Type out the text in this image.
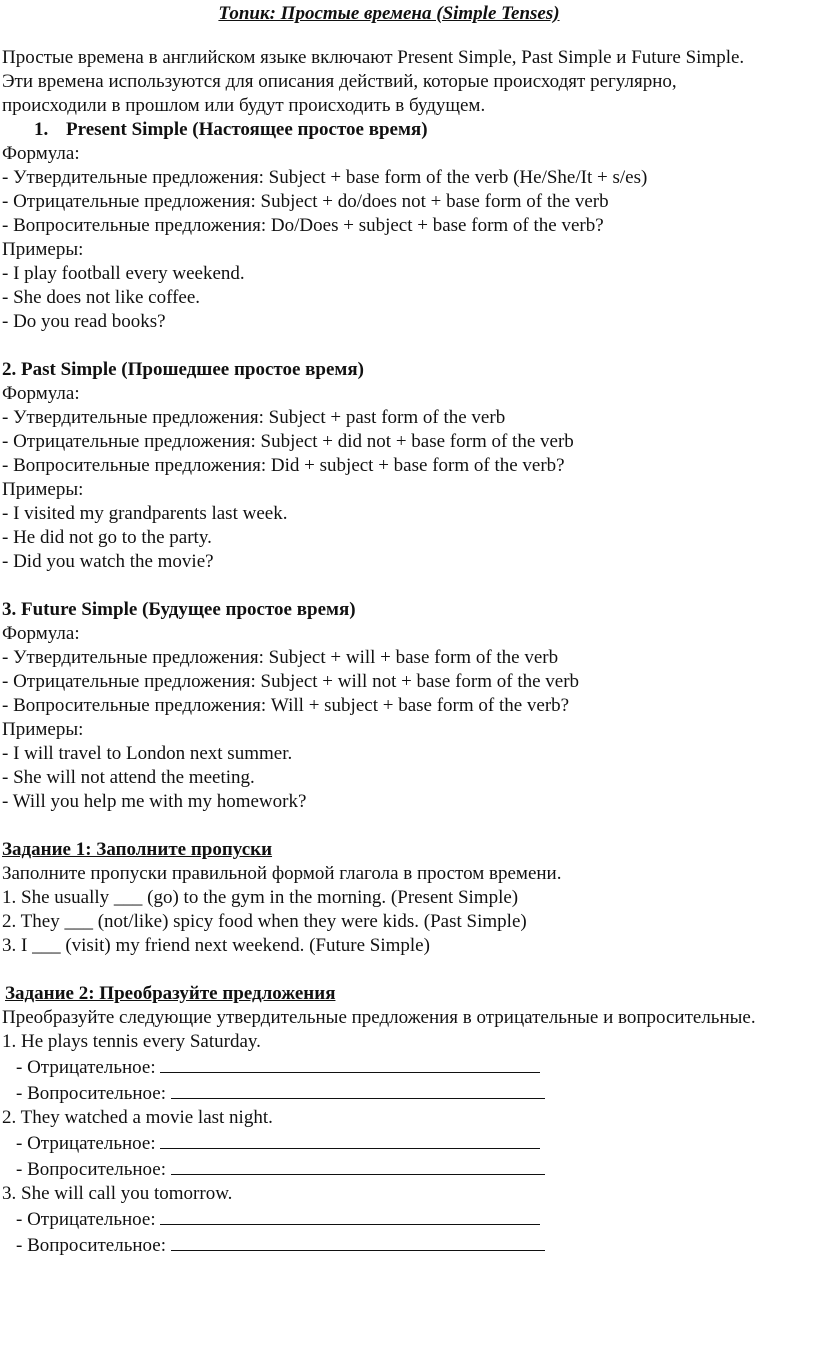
Топик: Простые времена (Simple Tenses)

Простые времена в английском языке включают Present Simple, Past Simple и Future Simple. Эти времена используются для описания действий, которые происходят регулярно, происходили в прошлом или будут происходить в будущем.

1. Present Simple (Настоящее простое время)

Формула:

- Утвердительные предложения: Subject + base form of the verb (He/She/It + s/es)

- Отрицательные предложения: Subject + do/does not + base form of the verb

- Вопросительные предложения: Do/Does + subject + base form of the verb?

Примеры:

- I play football every weekend.

- She does not like coffee.

- Do you read books?

2. Past Simple (Прошедшее простое время)

Формула:

- Утвердительные предложения: Subject + past form of the verb

- Отрицательные предложения: Subject + did not + base form of the verb

- Вопросительные предложения: Did + subject + base form of the verb?

Примеры:

- I visited my grandparents last week.

- He did not go to the party.

- Did you watch the movie?

3. Future Simple (Будущее простое время)

Формула:

- Утвердительные предложения: Subject + will + base form of the verb

- Отрицательные предложения: Subject + will not + base form of the verb

- Вопросительные предложения: Will + subject + base form of the verb?

Примеры:

- I will travel to London next summer.

- She will not attend the meeting.

- Will you help me with my homework?

Задание 1: Заполните пропуски

Заполните пропуски правильной формой глагола в простом времени.

1. She usually ___ (go) to the gym in the morning. (Present Simple)

2. They ___ (not/like) spicy food when they were kids. (Past Simple)

3. I ___ (visit) my friend next weekend. (Future Simple)

Задание 2: Преобразуйте предложения

Преобразуйте следующие утвердительные предложения в отрицательные и вопросительные.

1. He plays tennis every Saturday.

- Отрицательное:

- Вопросительное:

2. They watched a movie last night.

- Отрицательное:

- Вопросительное:

3. She will call you tomorrow.

- Отрицательное:

- Вопросительное:
